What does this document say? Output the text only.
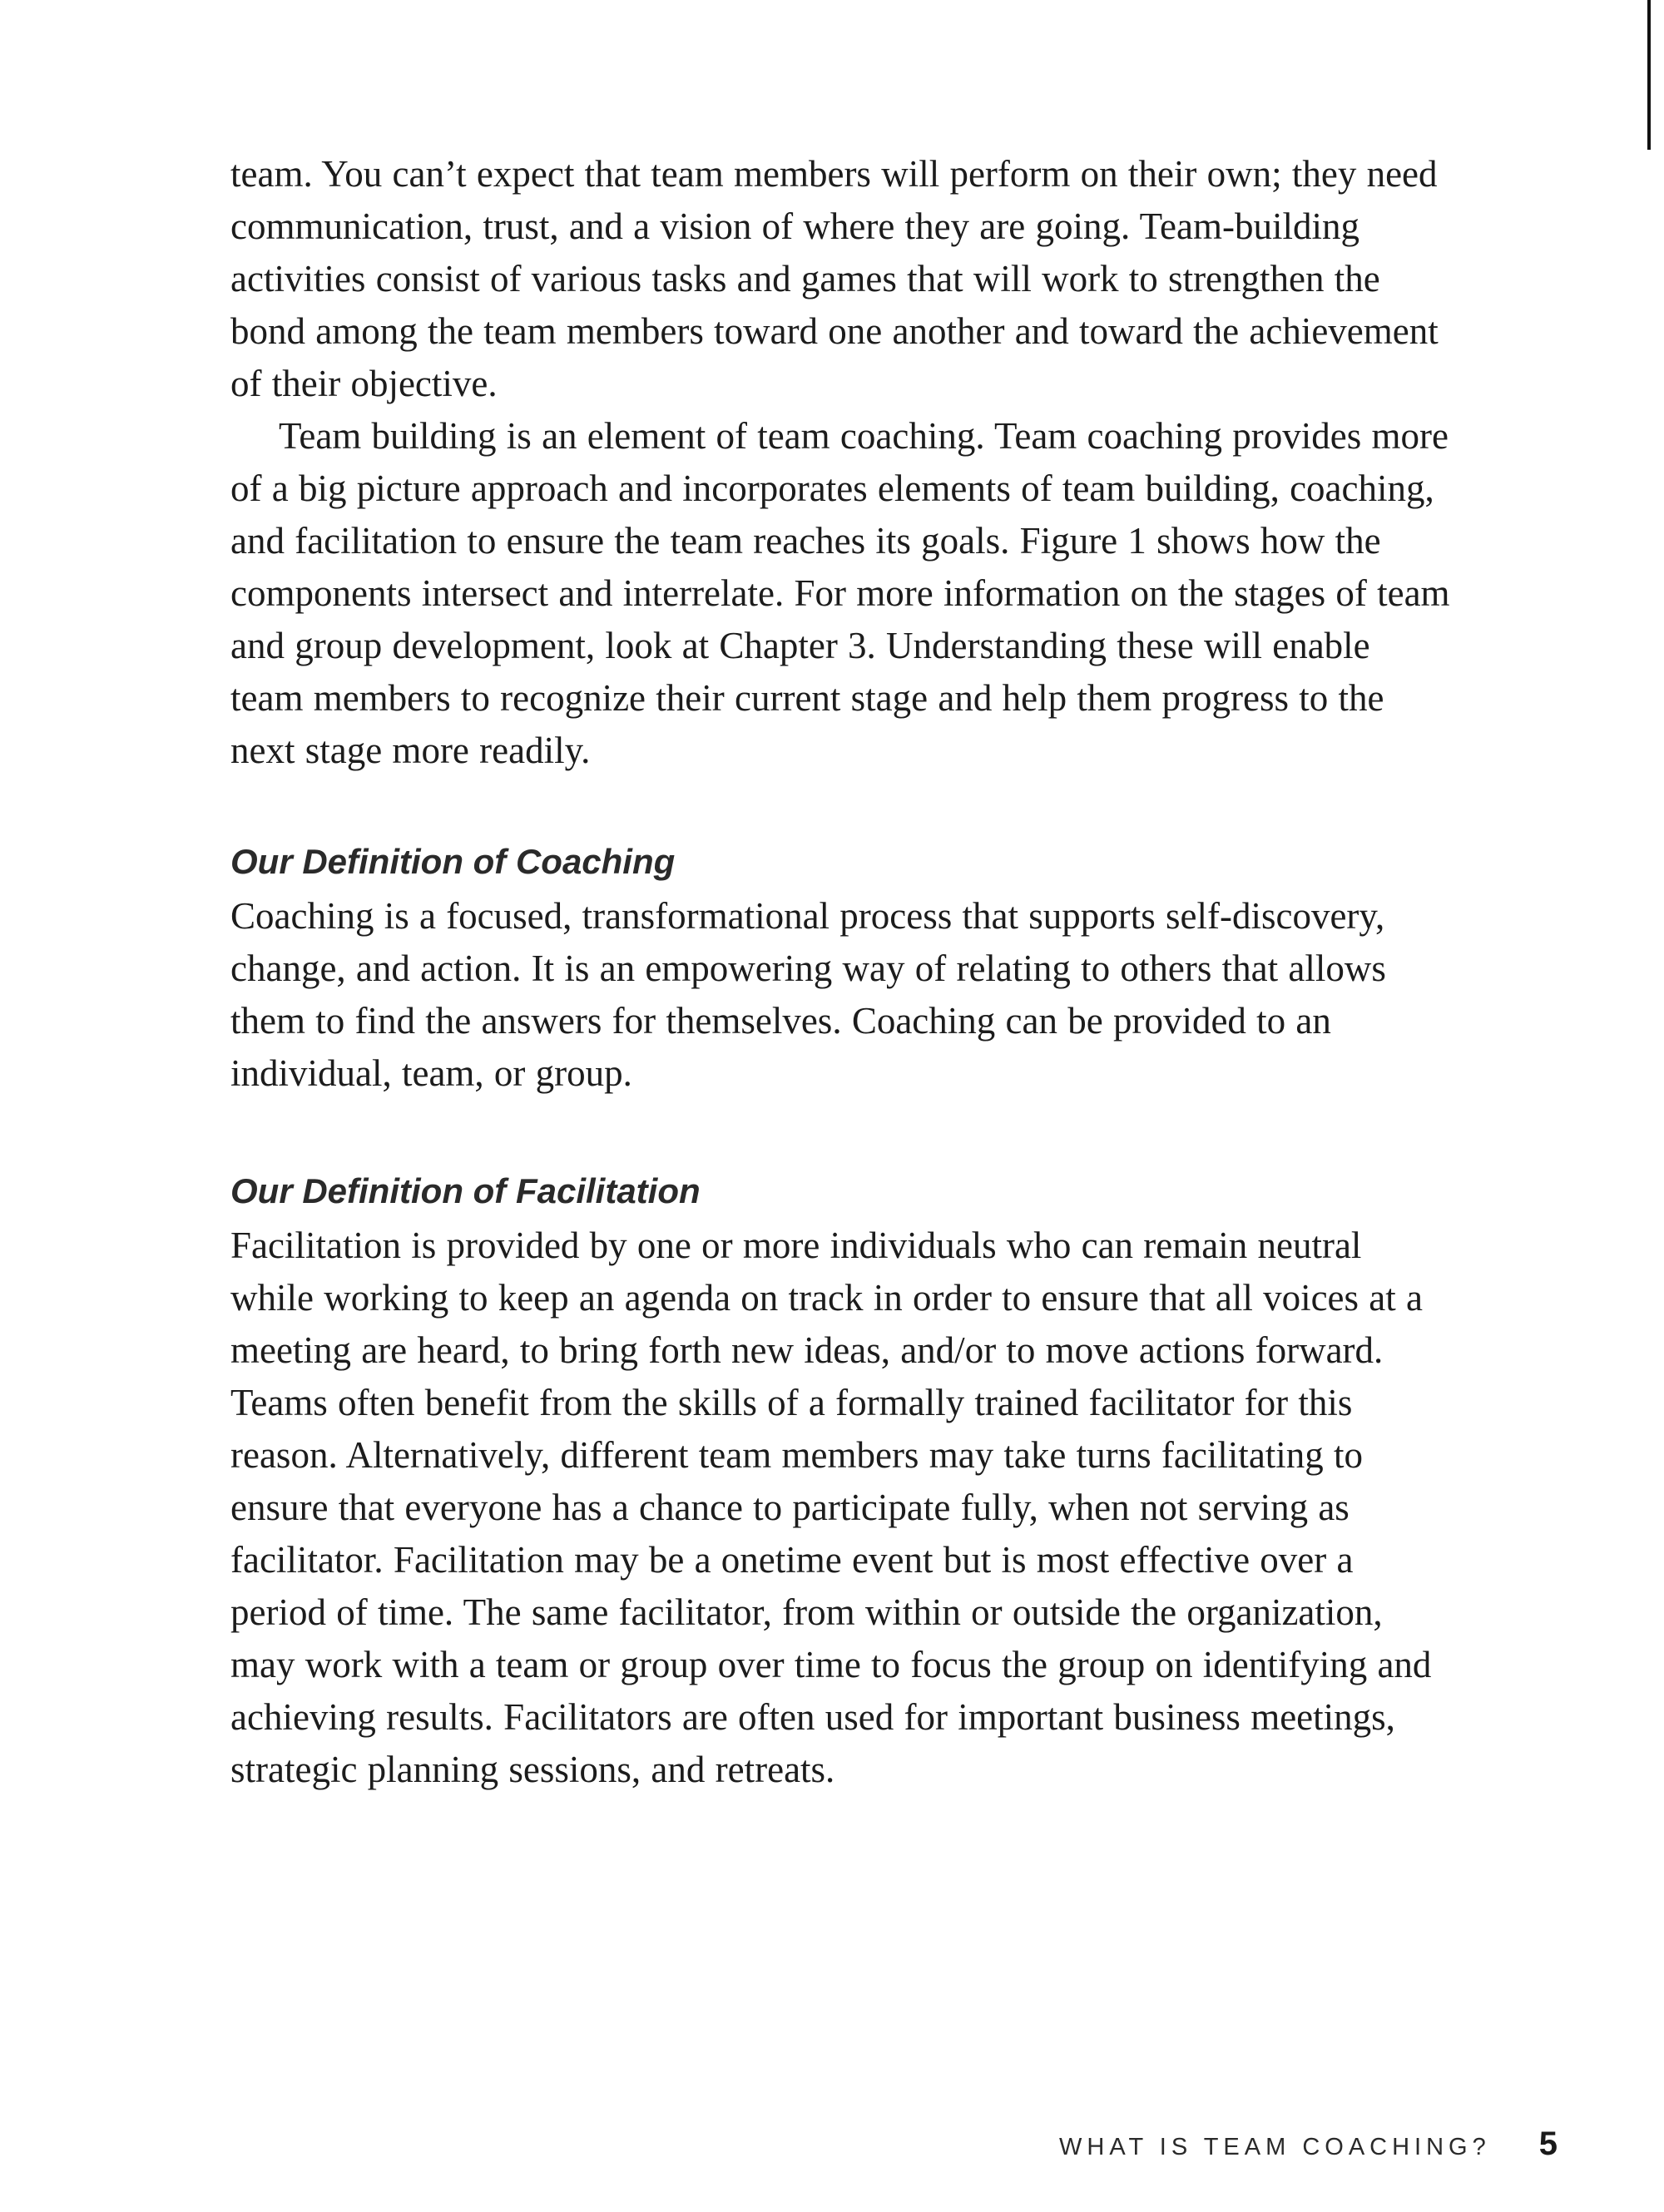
team. You can’t expect that team members will perform on their own; they need communication, trust, and a vision of where they are going. Team-building activities consist of various tasks and games that will work to strengthen the bond among the team members toward one another and toward the achievement of their objective.

Team building is an element of team coaching. Team coaching provides more of a big picture approach and incorporates elements of team building, coaching, and facilitation to ensure the team reaches its goals. Figure 1 shows how the components intersect and interrelate. For more information on the stages of team and group development, look at Chapter 3. Understanding these will enable team members to recognize their current stage and help them progress to the next stage more readily.

Our Definition of Coaching

Coaching is a focused, transformational process that supports self-discovery, change, and action. It is an empowering way of relating to others that allows them to find the answers for themselves. Coaching can be provided to an individual, team, or group.

Our Definition of Facilitation

Facilitation is provided by one or more individuals who can remain neutral while working to keep an agenda on track in order to ensure that all voices at a meeting are heard, to bring forth new ideas, and/or to move actions forward. Teams often benefit from the skills of a formally trained facilitator for this reason. Alternatively, different team members may take turns facilitating to ensure that everyone has a chance to participate fully, when not serving as facilitator. Facilitation may be a onetime event but is most effective over a period of time. The same facilitator, from within or outside the organization, may work with a team or group over time to focus the group on identifying and achieving results. Facilitators are often used for important business meetings, strategic planning sessions, and retreats.

WHAT IS TEAM COACHING? 5
